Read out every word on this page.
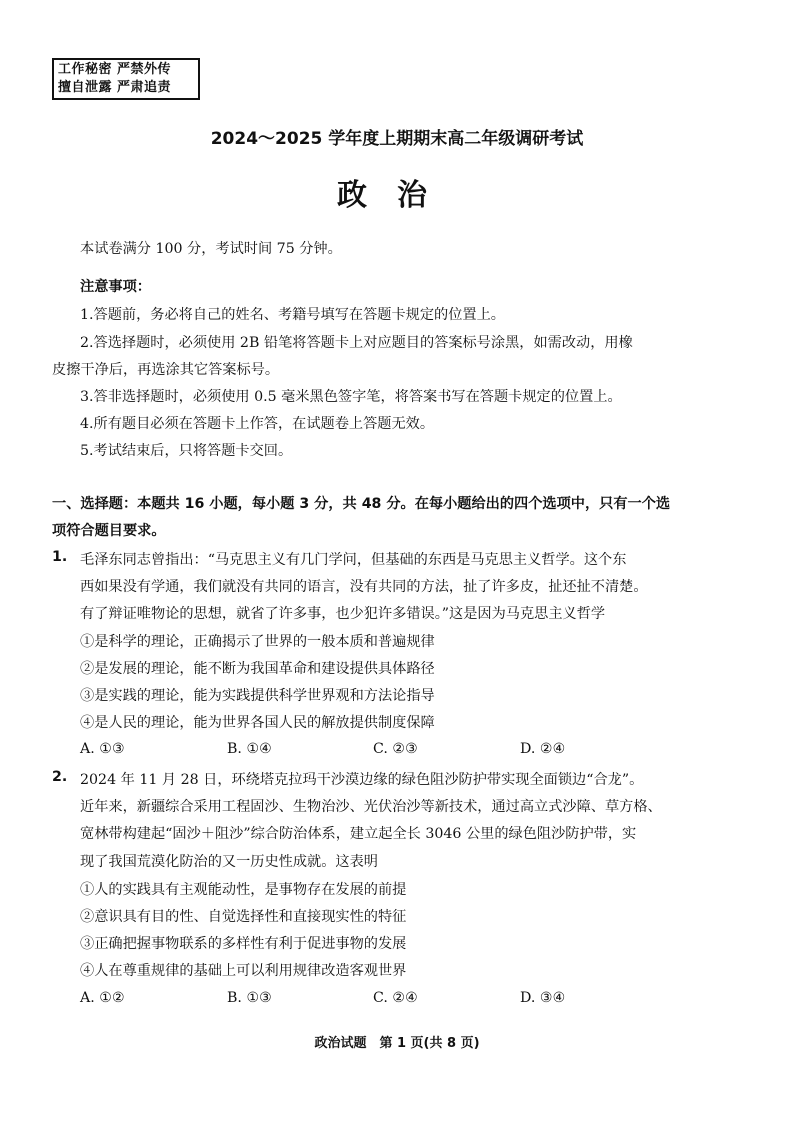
工作秘密 严禁外传
擅自泄露 严肃追责
2024～2025 学年度上期期末高二年级调研考试
政治
本试卷满分 100 分，考试时间 75 分钟。
注意事项：
1.答题前，务必将自己的姓名、考籍号填写在答题卡规定的位置上。
2.答选择题时，必须使用 2B 铅笔将答题卡上对应题目的答案标号涂黑，如需改动，用橡
皮擦干净后，再选涂其它答案标号。
3.答非选择题时，必须使用 0.5 毫米黑色签字笔，将答案书写在答题卡规定的位置上。
4.所有题目必须在答题卡上作答，在试题卷上答题无效。
5.考试结束后，只将答题卡交回。
一、选择题：本题共 16 小题，每小题 3 分，共 48 分。在每小题给出的四个选项中，只有一个选
项符合题目要求。
1. 毛泽东同志曾指出：“马克思主义有几门学问，但基础的东西是马克思主义哲学。这个东
西如果没有学通，我们就没有共同的语言，没有共同的方法，扯了许多皮，扯还扯不清楚。
有了辩证唯物论的思想，就省了许多事，也少犯许多错误。”这是因为马克思主义哲学
①是科学的理论，正确揭示了世界的一般本质和普遍规律
②是发展的理论，能不断为我国革命和建设提供具体路径
③是实践的理论，能为实践提供科学世界观和方法论指导
④是人民的理论，能为世界各国人民的解放提供制度保障
A. ①③	B. ①④	C. ②③	D. ②④
2. 2024 年 11 月 28 日，环绕塔克拉玛干沙漠边缘的绿色阻沙防护带实现全面锁边“合龙”。
近年来，新疆综合采用工程固沙、生物治沙、光伏治沙等新技术，通过高立式沙障、草方格、
宽林带构建起“固沙＋阻沙”综合防治体系，建立起全长 3046 公里的绿色阻沙防护带，实
现了我国荒漠化防治的又一历史性成就。这表明
①人的实践具有主观能动性，是事物存在发展的前提
②意识具有目的性、自觉选择性和直接现实性的特征
③正确把握事物联系的多样性有利于促进事物的发展
④人在尊重规律的基础上可以利用规律改造客观世界
A. ①②	B. ①③	C. ②④	D. ③④
政治试题　第 1 页(共 8 页)
